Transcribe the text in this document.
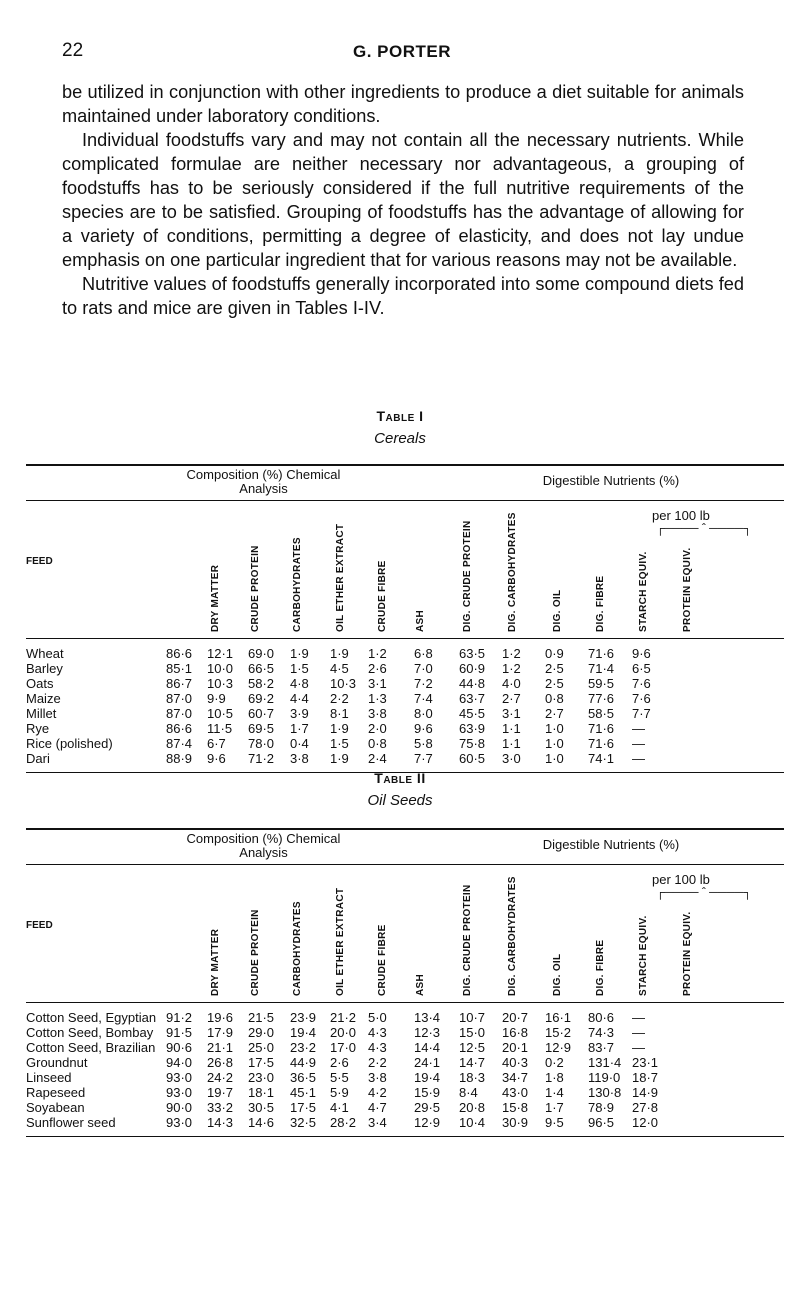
22	G. PORTER

be utilized in conjunction with other ingredients to produce a diet suitable for animals maintained under laboratory conditions.

Individual foodstuffs vary and may not contain all the necessary nutrients. While complicated formulae are neither necessary nor advantageous, a grouping of foodstuffs has to be seriously considered if the full nutritive requirements of the species are to be satisfied. Grouping of foodstuffs has the advantage of allowing for a variety of conditions, permitting a degree of elasticity, and does not lay undue emphasis on one particular ingredient that for various reasons may not be available.

Nutritive values of foodstuffs generally incorporated into some compound diets fed to rats and mice are given in Tables I-IV.

Table I
Cereals
Composition (%) Chemical Analysis
Digestible Nutrients (%)
per 100 lb
┌──── ˆ ────┐
FEED
DRY MATTER	CRUDE PROTEIN	CARBOHYDRATES	OIL ETHER EXTRACT	CRUDE FIBRE	ASH	DIG. CRUDE PROTEIN	DIG. CARBOHYDRATES	DIG. OIL	DIG. FIBRE	STARCH EQUIV.	PROTEIN EQUIV.
Wheat	86·6 12·1 69·0 1·9 1·9 1·2 6·8 63·5 1·2 0·9 71·6 9·6
Barley	85·1 10·0 66·5 1·5 4·5 2·6 7·0 60·9 1·2 2·5 71·4 6·5
Oats	86·7 10·3 58·2 4·8 10·3 3·1 7·2 44·8 4·0 2·5 59·5 7·6
Maize	87·0 9·9 69·2 4·4 2·2 1·3 7·4 63·7 2·7 0·8 77·6 7·6
Millet	87·0 10·5 60·7 3·9 8·1 3·8 8·0 45·5 3·1 2·7 58·5 7·7
Rye	86·6 11·5 69·5 1·7 1·9 2·0 9·6 63·9 1·1 1·0 71·6 —
Rice (polished)	87·4 6·7 78·0 0·4 1·5 0·8 5·8 75·8 1·1 1·0 71·6 —
Dari	88·9 9·6 71·2 3·8 1·9 2·4 7·7 60·5 3·0 1·0 74·1 —
Table II
Oil Seeds
Composition (%) Chemical Analysis
Digestible Nutrients (%)
per 100 lb
┌──── ˆ ────┐
FEED
DRY MATTER	CRUDE PROTEIN	CARBOHYDRATES	OIL ETHER EXTRACT	CRUDE FIBRE	ASH	DIG. CRUDE PROTEIN	DIG. CARBOHYDRATES	DIG. OIL	DIG. FIBRE	STARCH EQUIV.	PROTEIN EQUIV.
Cotton Seed, Egyptian 91·2 19·6 21·5 23·9 21·2 5·0 13·4 10·7 20·7 16·1 80·6 —
Cotton Seed, Bombay 91·5 17·9 29·0 19·4 20·0 4·3 12·3 15·0 16·8 15·2 74·3 —
Cotton Seed, Brazilian 90·6 21·1 25·0 23·2 17·0 4·3 14·4 12·5 20·1 12·9 83·7 —
Groundnut	94·0 26·8 17·5 44·9 2·6 2·2 24·1 14·7 40·3 0·2 131·4 23·1
Linseed	93·0 24·2 23·0 36·5 5·5 3·8 19·4 18·3 34·7 1·8 119·0 18·7
Rapeseed	93·0 19·7 18·1 45·1 5·9 4·2 15·9 8·4 43·0 1·4 130·8 14·9
Soyabean	90·0 33·2 30·5 17·5 4·1 4·7 29·5 20·8 15·8 1·7 78·9 27·8
Sunflower seed	93·0 14·3 14·6 32·5 28·2 3·4 12·9 10·4 30·9 9·5 96·5 12·0
